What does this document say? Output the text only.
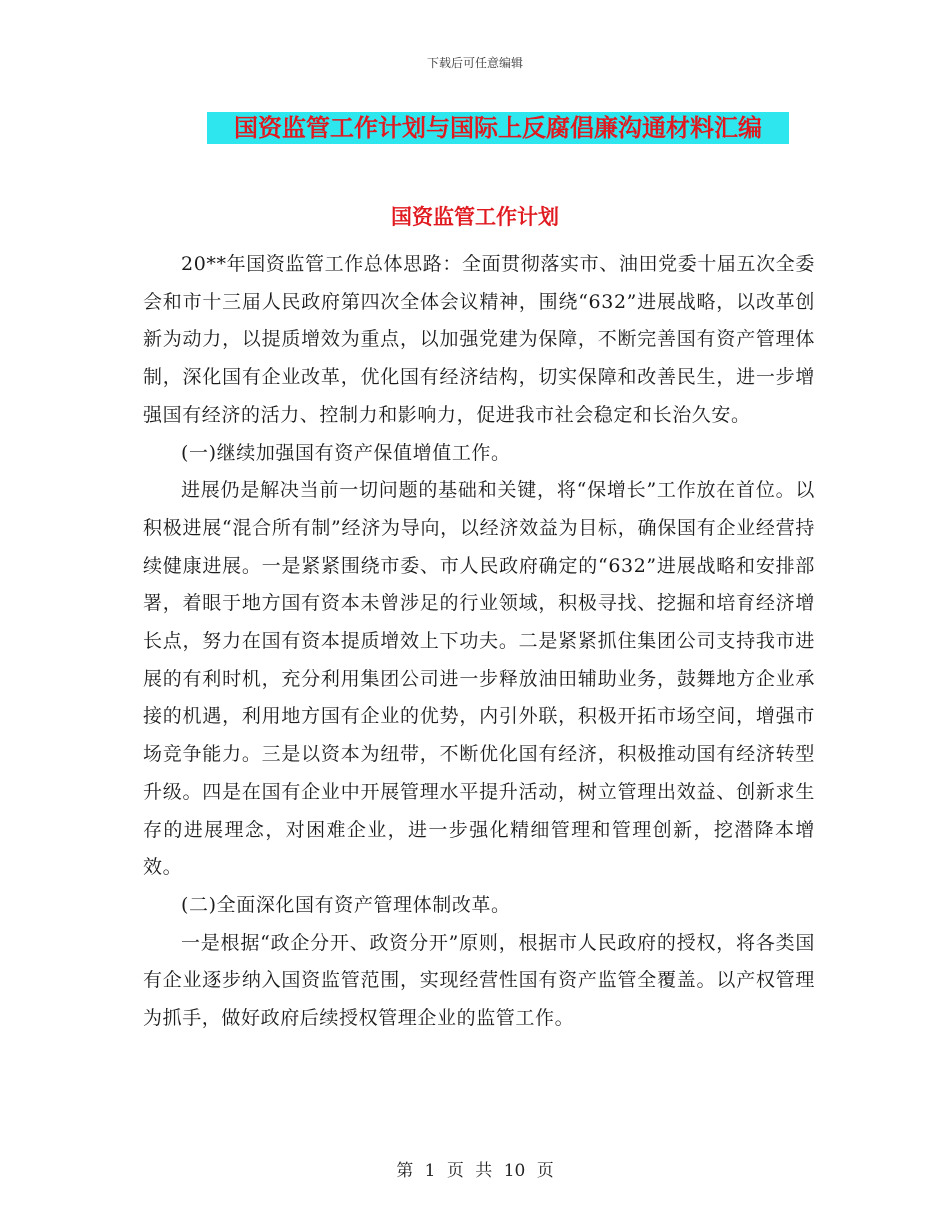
下载后可任意编辑
国资监管工作计划与国际上反腐倡廉沟通材料汇编
国资监管工作计划

20**年国资监管工作总体思路：全面贯彻落实市、油田党委十届五次全委会和市十三届人民政府第四次全体会议精神，围绕“632”进展战略，以改革创新为动力，以提质增效为重点，以加强党建为保障，不断完善国有资产管理体制，深化国有企业改革，优化国有经济结构，切实保障和改善民生，进一步增强国有经济的活力、控制力和影响力，促进我市社会稳定和长治久安。

(一)继续加强国有资产保值增值工作。

进展仍是解决当前一切问题的基础和关键，将“保增长”工作放在首位。以积极进展“混合所有制”经济为导向，以经济效益为目标，确保国有企业经营持续健康进展。一是紧紧围绕市委、市人民政府确定的“632”进展战略和安排部署，着眼于地方国有资本未曾涉足的行业领域，积极寻找、挖掘和培育经济增长点，努力在国有资本提质增效上下功夫。二是紧紧抓住集团公司支持我市进展的有利时机，充分利用集团公司进一步释放油田辅助业务，鼓舞地方企业承接的机遇，利用地方国有企业的优势，内引外联，积极开拓市场空间，增强市场竞争能力。三是以资本为纽带，不断优化国有经济，积极推动国有经济转型升级。四是在国有企业中开展管理水平提升活动，树立管理出效益、创新求生存的进展理念，对困难企业，进一步强化精细管理和管理创新，挖潜降本增效。

(二)全面深化国有资产管理体制改革。

一是根据“政企分开、政资分开”原则，根据市人民政府的授权，将各类国有企业逐步纳入国资监管范围，实现经营性国有资产监管全覆盖。以产权管理为抓手，做好政府后续授权管理企业的监管工作。

第 1 页 共 10 页
